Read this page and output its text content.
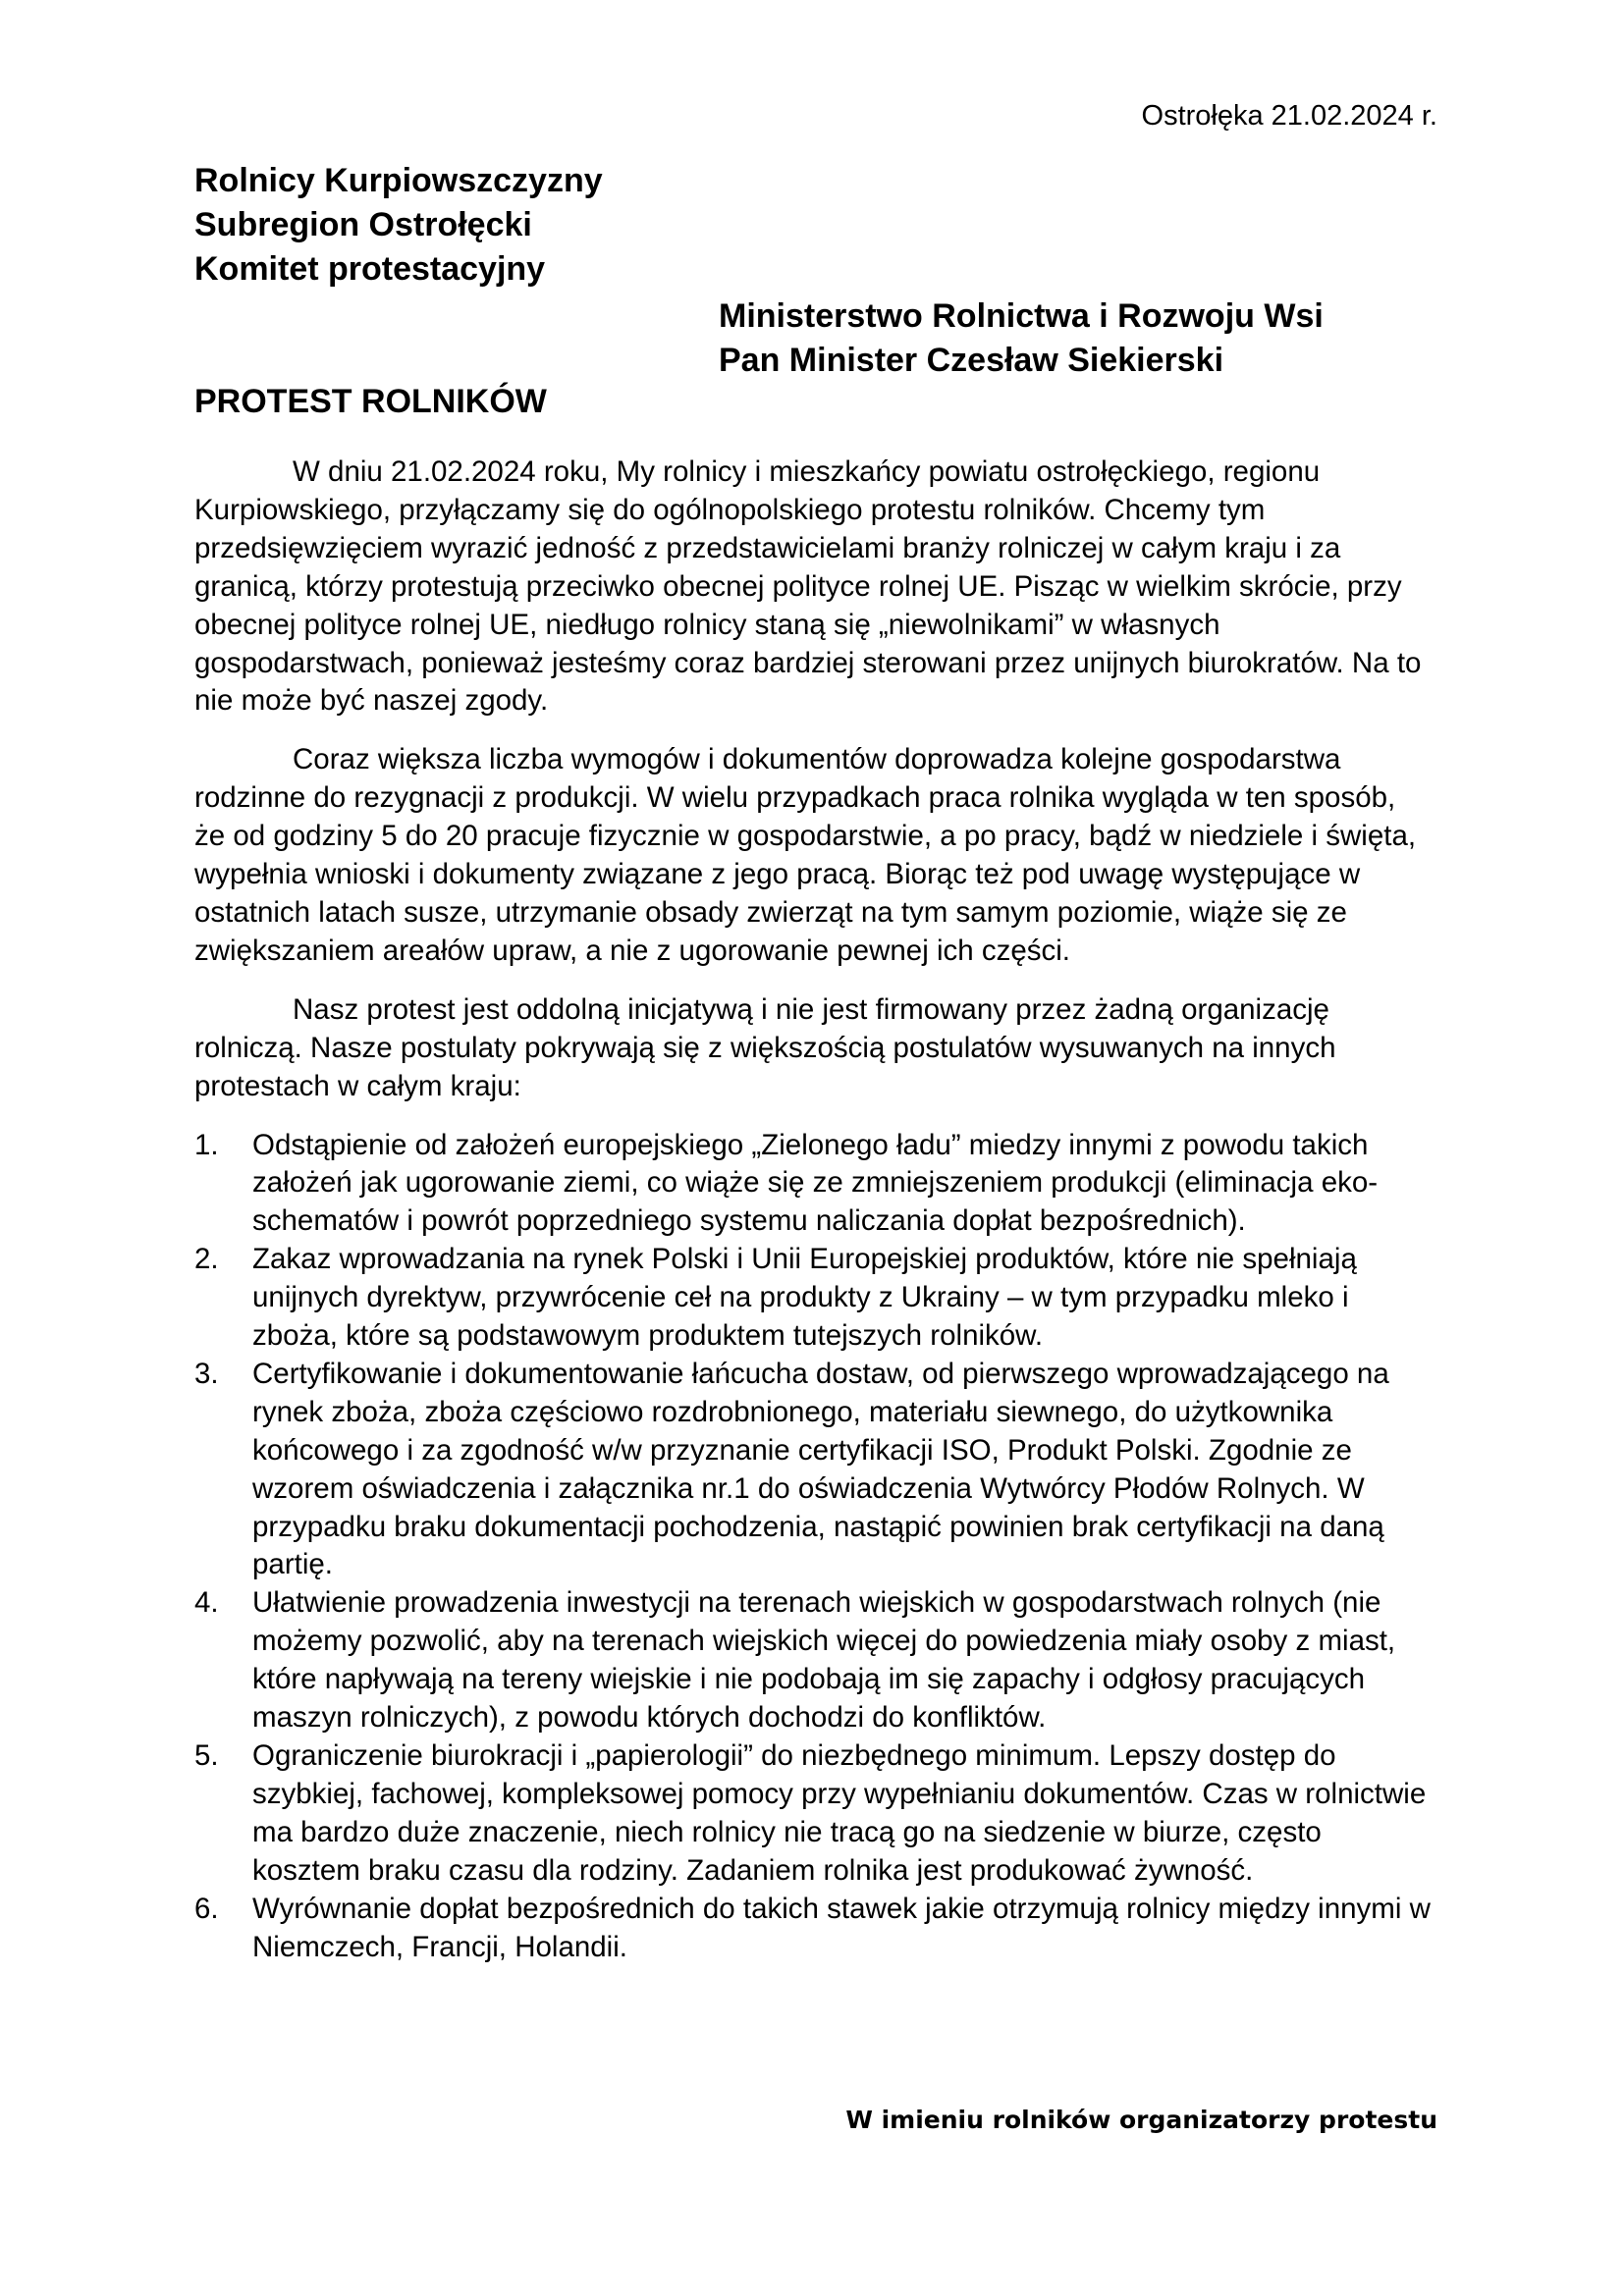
Ostrołęka 21.02.2024 r.
Rolnicy Kurpiowszczyzny
Subregion Ostrołęcki
Komitet protestacyjny
Ministerstwo Rolnictwa i Rozwoju Wsi
Pan Minister Czesław Siekierski
PROTEST ROLNIKÓW

W dniu 21.02.2024 roku, My rolnicy i mieszkańcy powiatu ostrołęckiego, regionu Kurpiowskiego, przyłączamy się do ogólnopolskiego protestu rolników. Chcemy tym przedsięwzięciem wyrazić jedność z przedstawicielami branży rolniczej w całym kraju i za granicą, którzy protestują przeciwko obecnej polityce rolnej UE. Pisząc w wielkim skrócie, przy obecnej polityce rolnej UE, niedługo rolnicy staną się „niewolnikami” w własnych gospodarstwach, ponieważ jesteśmy coraz bardziej sterowani przez unijnych biurokratów. Na to nie może być naszej zgody.

Coraz większa liczba wymogów i dokumentów doprowadza kolejne gospodarstwa rodzinne do rezygnacji z produkcji. W wielu przypadkach praca rolnika wygląda w ten sposób, że od godziny 5 do 20 pracuje fizycznie w gospodarstwie, a po pracy, bądź w niedziele i święta, wypełnia wnioski i dokumenty związane z jego pracą. Biorąc też pod uwagę występujące w ostatnich latach susze, utrzymanie obsady zwierząt na tym samym poziomie, wiąże się ze zwiększaniem areałów upraw, a nie z ugorowanie pewnej ich części.

Nasz protest jest oddolną inicjatywą i nie jest firmowany przez żadną organizację rolniczą. Nasze postulaty pokrywają się z większością postulatów wysuwanych na innych protestach w całym kraju:

1. Odstąpienie od założeń europejskiego „Zielonego ładu” miedzy innymi z powodu takich założeń jak ugorowanie ziemi, co wiąże się ze zmniejszeniem produkcji (eliminacja eko-schematów i powrót poprzedniego systemu naliczania dopłat bezpośrednich).
2. Zakaz wprowadzania na rynek Polski i Unii Europejskiej produktów, które nie spełniają unijnych dyrektyw, przywrócenie ceł na produkty z Ukrainy – w tym przypadku mleko i zboża, które są podstawowym produktem tutejszych rolników.
3. Certyfikowanie i dokumentowanie łańcucha dostaw, od pierwszego wprowadzającego na rynek zboża, zboża częściowo rozdrobnionego, materiału siewnego, do użytkownika końcowego i za zgodność w/w przyznanie certyfikacji ISO, Produkt Polski. Zgodnie ze wzorem oświadczenia i załącznika nr.1 do oświadczenia Wytwórcy Płodów Rolnych. W przypadku braku dokumentacji pochodzenia, nastąpić powinien brak certyfikacji na daną partię.
4. Ułatwienie prowadzenia inwestycji na terenach wiejskich w gospodarstwach rolnych (nie możemy pozwolić, aby na terenach wiejskich więcej do powiedzenia miały osoby z miast, które napływają na tereny wiejskie i nie podobają im się zapachy i odgłosy pracujących maszyn rolniczych), z powodu których dochodzi do konfliktów.
5. Ograniczenie biurokracji i „papierologii” do niezbędnego minimum. Lepszy dostęp do szybkiej, fachowej, kompleksowej pomocy przy wypełnianiu dokumentów. Czas w rolnictwie ma bardzo duże znaczenie, niech rolnicy nie tracą go na siedzenie w biurze, często kosztem braku czasu dla rodziny. Zadaniem rolnika jest produkować żywność.
6. Wyrównanie dopłat bezpośrednich do takich stawek jakie otrzymują rolnicy między innymi w Niemczech, Francji, Holandii.
W imieniu rolników organizatorzy protestu
